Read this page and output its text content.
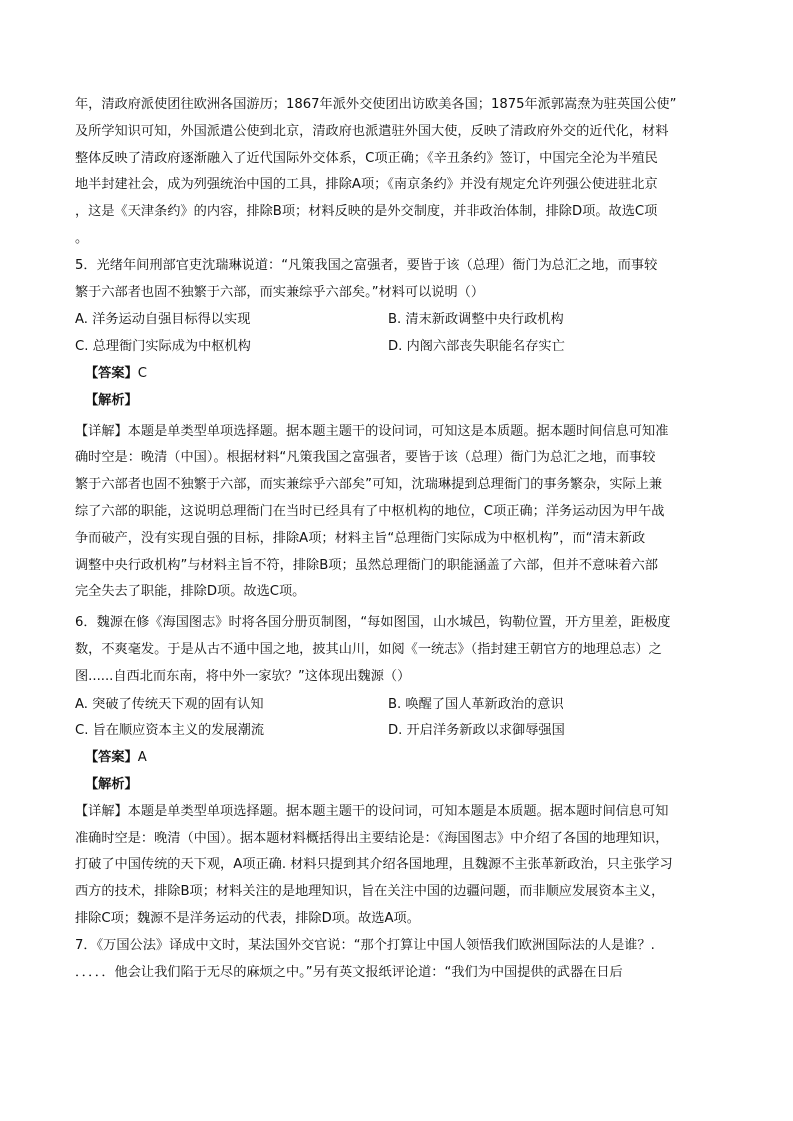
年，清政府派使团往欧洲各国游历；1867年派外交使团出访欧美各国；1875年派郭嵩焘为驻英国公使”

及所学知识可知，外国派遣公使到北京，清政府也派遣驻外国大使，反映了清政府外交的近代化，材料

整体反映了清政府逐渐融入了近代国际外交体系，C项正确；《辛丑条约》签订，中国完全沦为半殖民

地半封建社会，成为列强统治中国的工具，排除A项；《南京条约》并没有规定允许列强公使进驻北京

，这是《天津条约》的内容，排除B项；材料反映的是外交制度，并非政治体制，排除D项。故选C项

。

5．光绪年间刑部官吏沈瑞琳说道：“凡策我国之富强者，要皆于该（总理）衙门为总汇之地，而事较

繁于六部者也固不独繁于六部，而实兼综乎六部矣。”材料可以说明（）

A. 洋务运动自强目标得以实现	B. 清末新政调整中央行政机构
C. 总理衙门实际成为中枢机构	D. 内阁六部丧失职能名存实亡

【答案】C

【解析】

【详解】本题是单类型单项选择题。据本题主题干的设问词，可知这是本质题。据本题时间信息可知准

确时空是：晚清（中国）。根据材料“凡策我国之富强者，要皆于该（总理）衙门为总汇之地，而事较

繁于六部者也固不独繁于六部，而实兼综乎六部矣”可知，沈瑞琳提到总理衙门的事务繁杂，实际上兼

综了六部的职能，这说明总理衙门在当时已经具有了中枢机构的地位，C项正确；洋务运动因为甲午战

争而破产，没有实现自强的目标，排除A项；材料主旨“总理衙门实际成为中枢机构”，而“清末新政

调整中央行政机构”与材料主旨不符，排除B项；虽然总理衙门的职能涵盖了六部，但并不意味着六部

完全失去了职能，排除D项。故选C项。

6．魏源在修《海国图志》时将各国分册页制图，“每如图国，山水城邑，钩勒位置，开方里差，距极度

数，不爽毫发。于是从古不通中国之地，披其山川，如阅《一统志》（指封建王朝官方的地理总志）之

图......自西北而东南，将中外一家欤？”这体现出魏源（）

A. 突破了传统天下观的固有认知	B. 唤醒了国人革新政治的意识
C. 旨在顺应资本主义的发展潮流	D. 开启洋务新政以求御辱强国

【答案】A

【解析】

【详解】本题是单类型单项选择题。据本题主题干的设问词，可知本题是本质题。据本题时间信息可知

准确时空是：晚清（中国）。据本题材料概括得出主要结论是：《海国图志》中介绍了各国的地理知识，

打破了中国传统的天下观，A项正确. 材料只提到其介绍各国地理，且魏源不主张革新政治，只主张学习

西方的技术，排除B项；材料关注的是地理知识，旨在关注中国的边疆问题，而非顺应发展资本主义，

排除C项；魏源不是洋务运动的代表，排除D项。故选A项。

7．《万国公法》译成中文时，某法国外交官说：“那个打算让中国人领悟我们欧洲国际法的人是谁？.

．．．．．他会让我们陷于无尽的麻烦之中。”另有英文报纸评论道：“我们为中国提供的武器在日后
